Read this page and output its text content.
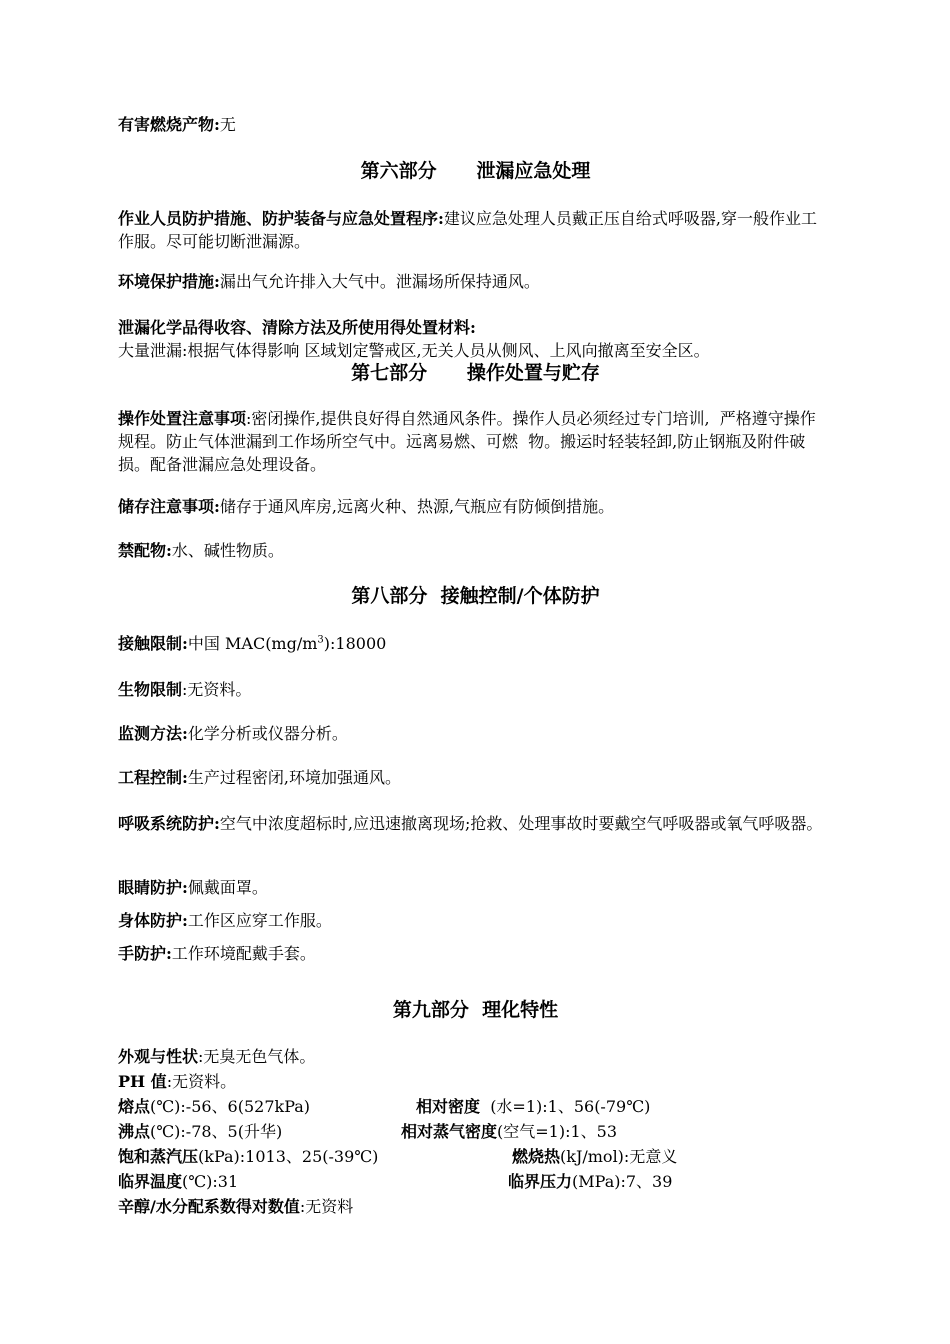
有害燃烧产物:无
第六部分      泄漏应急处理
作业人员防护措施、防护装备与应急处置程序:建议应急处理人员戴正压自给式呼吸器,穿一般作业工作服。尽可能切断泄漏源。
环境保护措施:漏出气允许排入大气中。泄漏场所保持通风。
泄漏化学品得收容、清除方法及所使用得处置材料:
大量泄漏:根据气体得影响 区域划定警戒区,无关人员从侧风、上风向撤离至安全区。
第七部分      操作处置与贮存
操作处置注意事项:密闭操作,提供良好得自然通风条件。操作人员必须经过专门培训,  严格遵守操作规程。防止气体泄漏到工作场所空气中。远离易燃、可燃  物。搬运时轻装轻卸,防止钢瓶及附件破损。配备泄漏应急处理设备。
储存注意事项:储存于通风库房,远离火种、热源,气瓶应有防倾倒措施。
禁配物:水、碱性物质。
第八部分  接触控制/个体防护
接触限制:中国 $MAC(mg/m^3):18000$
生物限制:无资料。
监测方法:化学分析或仪器分析。
工程控制:生产过程密闭,环境加强通风。
呼吸系统防护:空气中浓度超标时,应迅速撤离现场;抢救、处理事故时要戴空气呼吸器或氧气呼吸器。
眼睛防护:佩戴面罩。
身体防护:工作区应穿工作服。
手防护:工作环境配戴手套。
第九部分  理化特性
外观与性状:无臭无色气体。
PH 值:无资料。
熔点(℃):-56、6(527kPa)	相对密度  (水=1):1、56(-79℃)
沸点(℃):-78、5(升华)	相对蒸气密度(空气=1):1、53
饱和蒸汽压(kPa):1013、25(-39℃)	燃烧热(kJ/mol):无意义
临界温度(℃):31	临界压力(MPa):7、39
辛醇/水分配系数得对数值:无资料
